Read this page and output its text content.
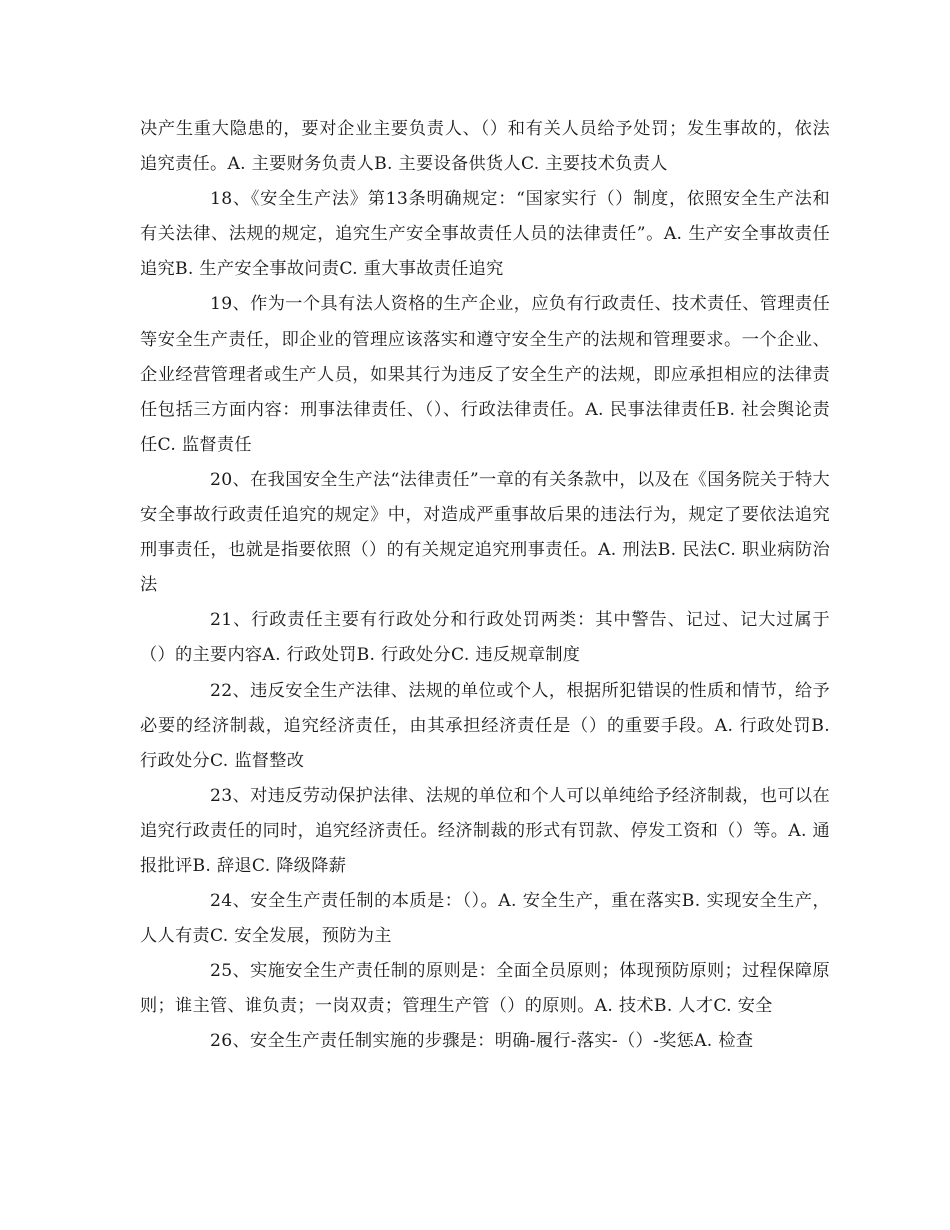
决产生重大隐患的，要对企业主要负责人、（）和有关人员给予处罚；发生事故的，依法追究责任。A. 主要财务负责人B. 主要设备供货人C. 主要技术负责人

18、《安全生产法》第13条明确规定：“国家实行（）制度，依照安全生产法和有关法律、法规的规定，追究生产安全事故责任人员的法律责任”。A. 生产安全事故责任追究B. 生产安全事故问责C. 重大事故责任追究

19、作为一个具有法人资格的生产企业，应负有行政责任、技术责任、管理责任等安全生产责任，即企业的管理应该落实和遵守安全生产的法规和管理要求。一个企业、企业经营管理者或生产人员，如果其行为违反了安全生产的法规，即应承担相应的法律责任包括三方面内容：刑事法律责任、（）、行政法律责任。A. 民事法律责任B. 社会舆论责任C. 监督责任

20、在我国安全生产法“法律责任”一章的有关条款中，以及在《国务院关于特大安全事故行政责任追究的规定》中，对造成严重事故后果的违法行为，规定了要依法追究刑事责任，也就是指要依照（）的有关规定追究刑事责任。A. 刑法B. 民法C. 职业病防治法

21、行政责任主要有行政处分和行政处罚两类：其中警告、记过、记大过属于（）的主要内容A. 行政处罚B. 行政处分C. 违反规章制度

22、违反安全生产法律、法规的单位或个人，根据所犯错误的性质和情节，给予必要的经济制裁，追究经济责任，由其承担经济责任是（）的重要手段。A. 行政处罚B. 行政处分C. 监督整改

23、对违反劳动保护法律、法规的单位和个人可以单纯给予经济制裁，也可以在追究行政责任的同时，追究经济责任。经济制裁的形式有罚款、停发工资和（）等。A. 通报批评B. 辞退C. 降级降薪

24、安全生产责任制的本质是：（）。A. 安全生产，重在落实B. 实现安全生产，人人有责C. 安全发展，预防为主

25、实施安全生产责任制的原则是：全面全员原则；体现预防原则；过程保障原则；谁主管、谁负责；一岗双责；管理生产管（）的原则。A. 技术B. 人才C. 安全

26、安全生产责任制实施的步骤是：明确-履行-落实-（）-奖惩A. 检查
